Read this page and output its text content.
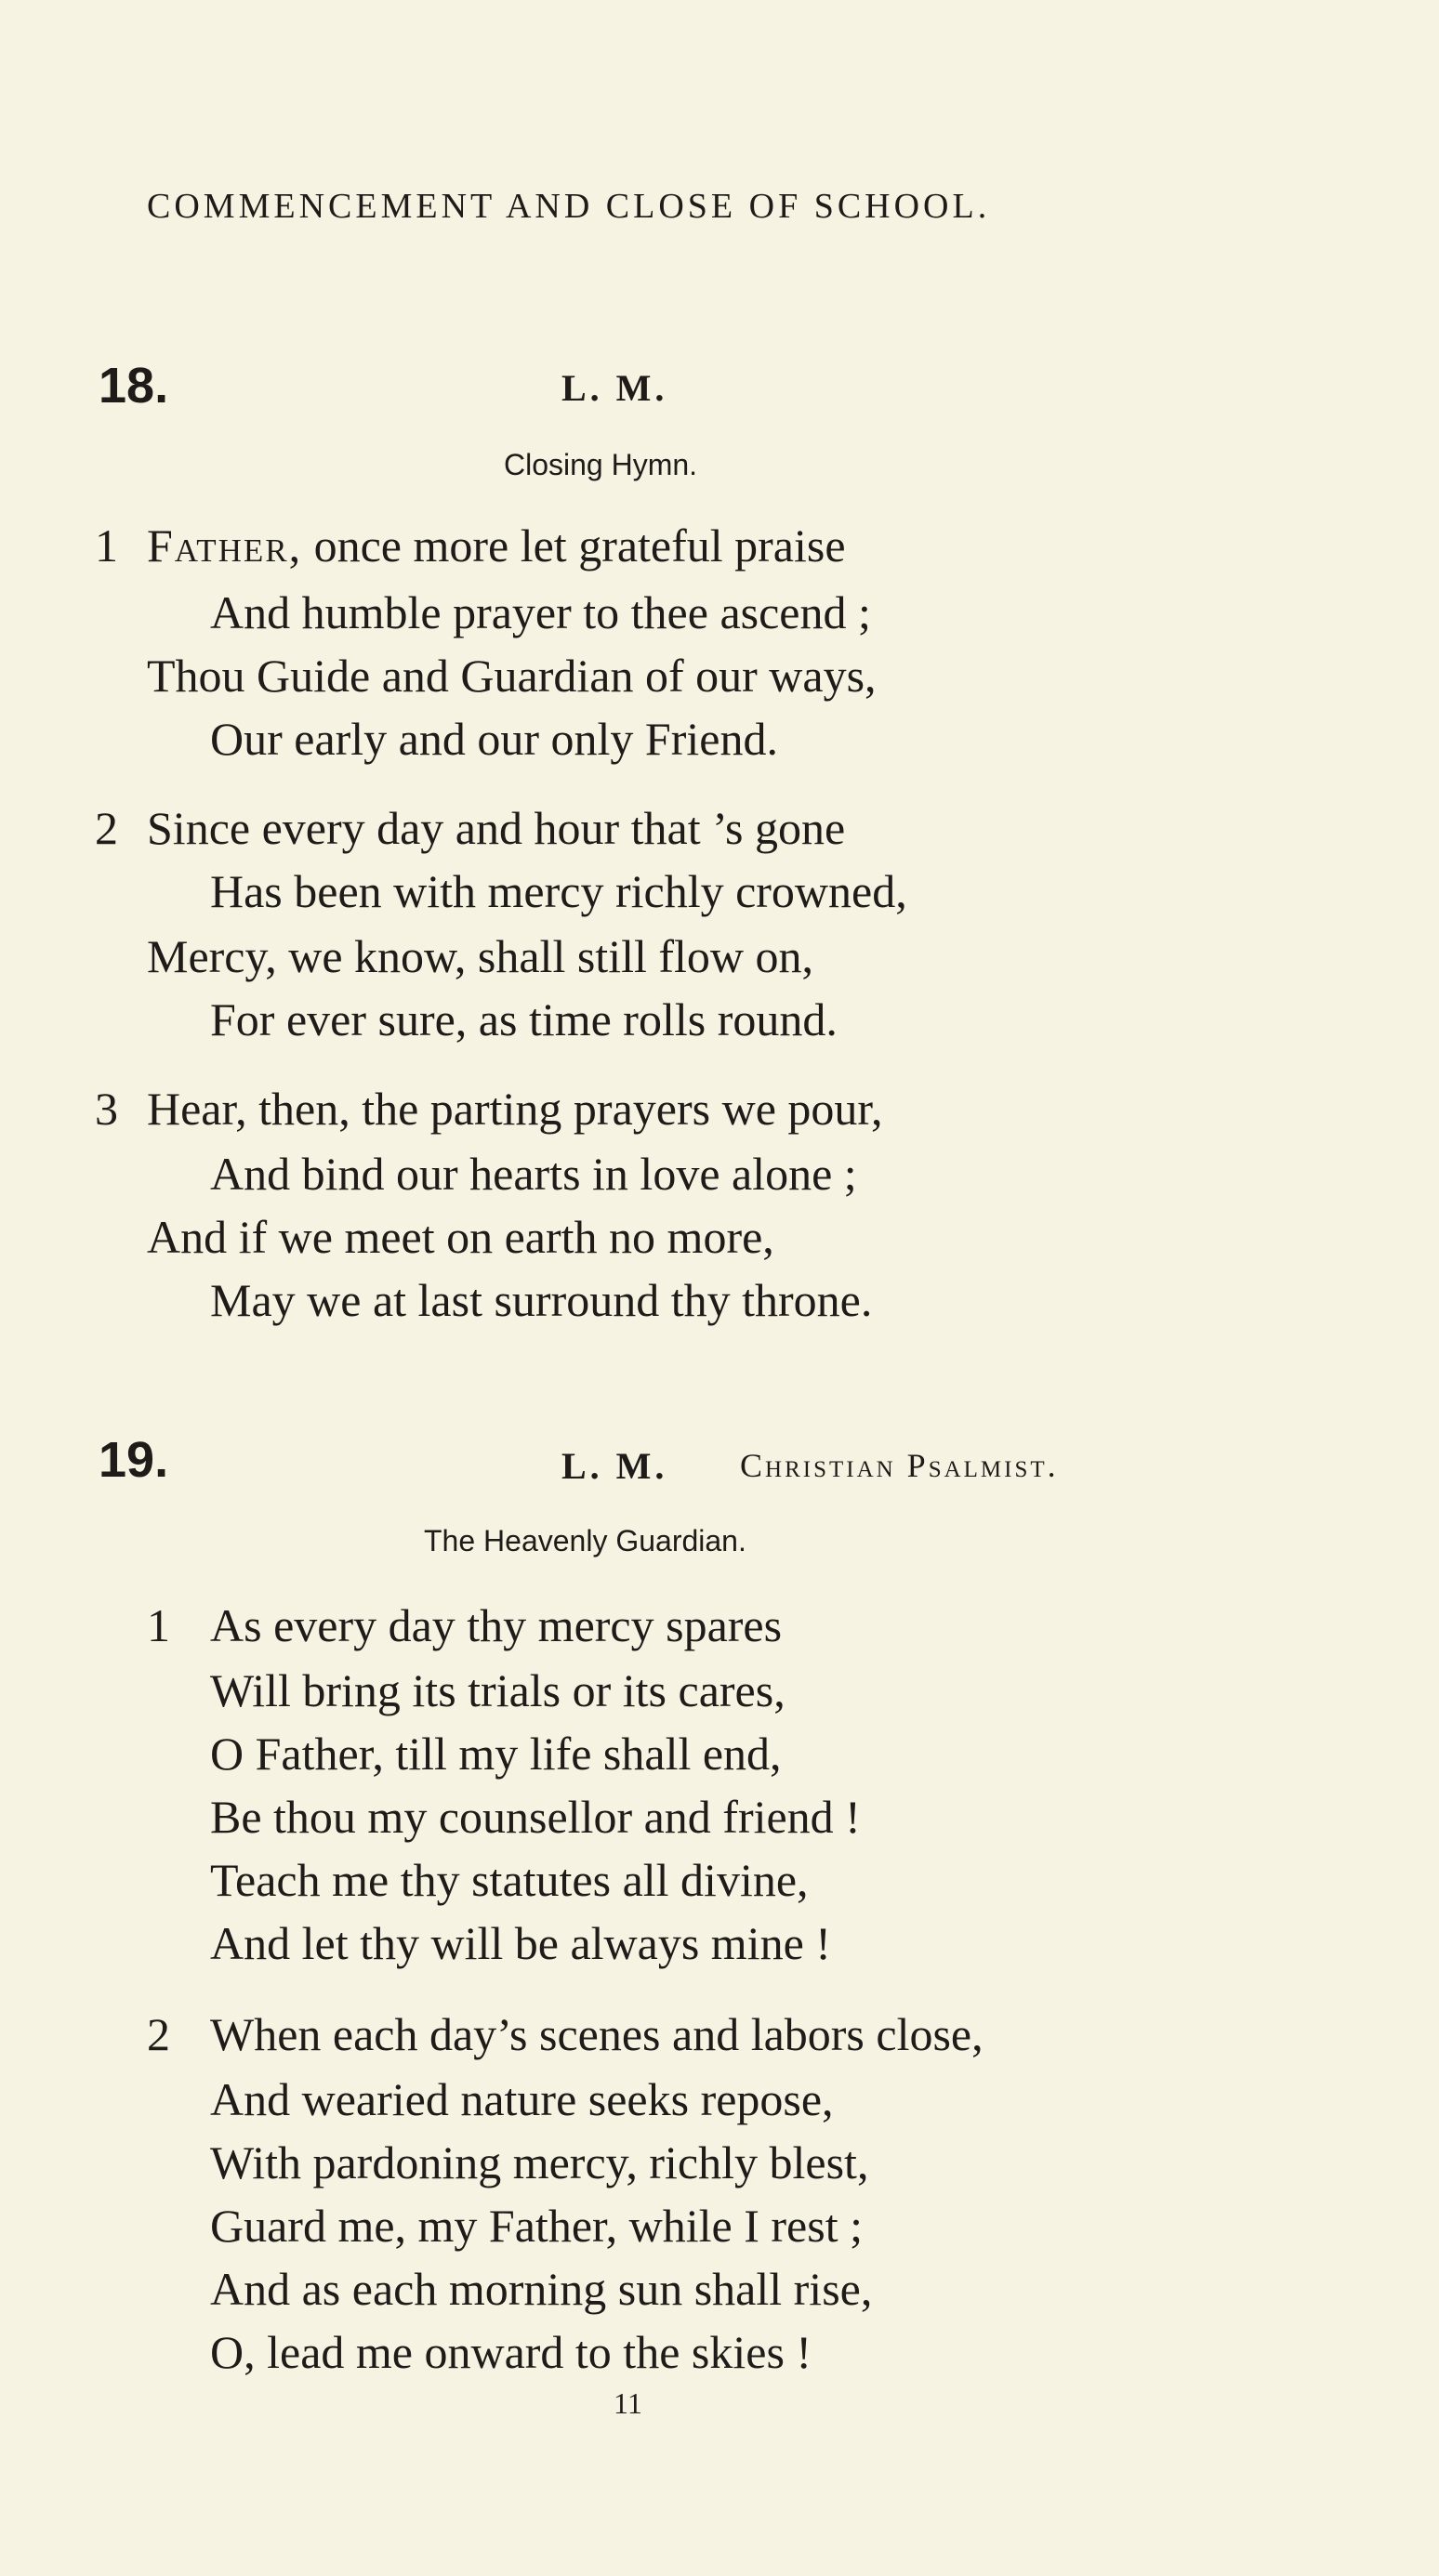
COMMENCEMENT AND CLOSE OF SCHOOL.
18.	L. M.
Closing Hymn.
1 Father, once more let grateful praise
And humble prayer to thee ascend ;
Thou Guide and Guardian of our ways,
Our early and our only Friend.
2 Since every day and hour that ’s gone
Has been with mercy richly crowned,
Mercy, we know, shall still flow on,
For ever sure, as time rolls round.
3 Hear, then, the parting prayers we pour,
And bind our hearts in love alone ;
And if we meet on earth no more,
May we at last surround thy throne.
19.	L. M. Christian Psalmist.
The Heavenly Guardian.
1 As every day thy mercy spares
Will bring its trials or its cares,
O Father, till my life shall end,
Be thou my counsellor and friend !
Teach me thy statutes all divine,
And let thy will be always mine !
2 When each day’s scenes and labors close,
And wearied nature seeks repose,
With pardoning mercy, richly blest,
Guard me, my Father, while I rest ;
And as each morning sun shall rise,
O, lead me onward to the skies !
11
